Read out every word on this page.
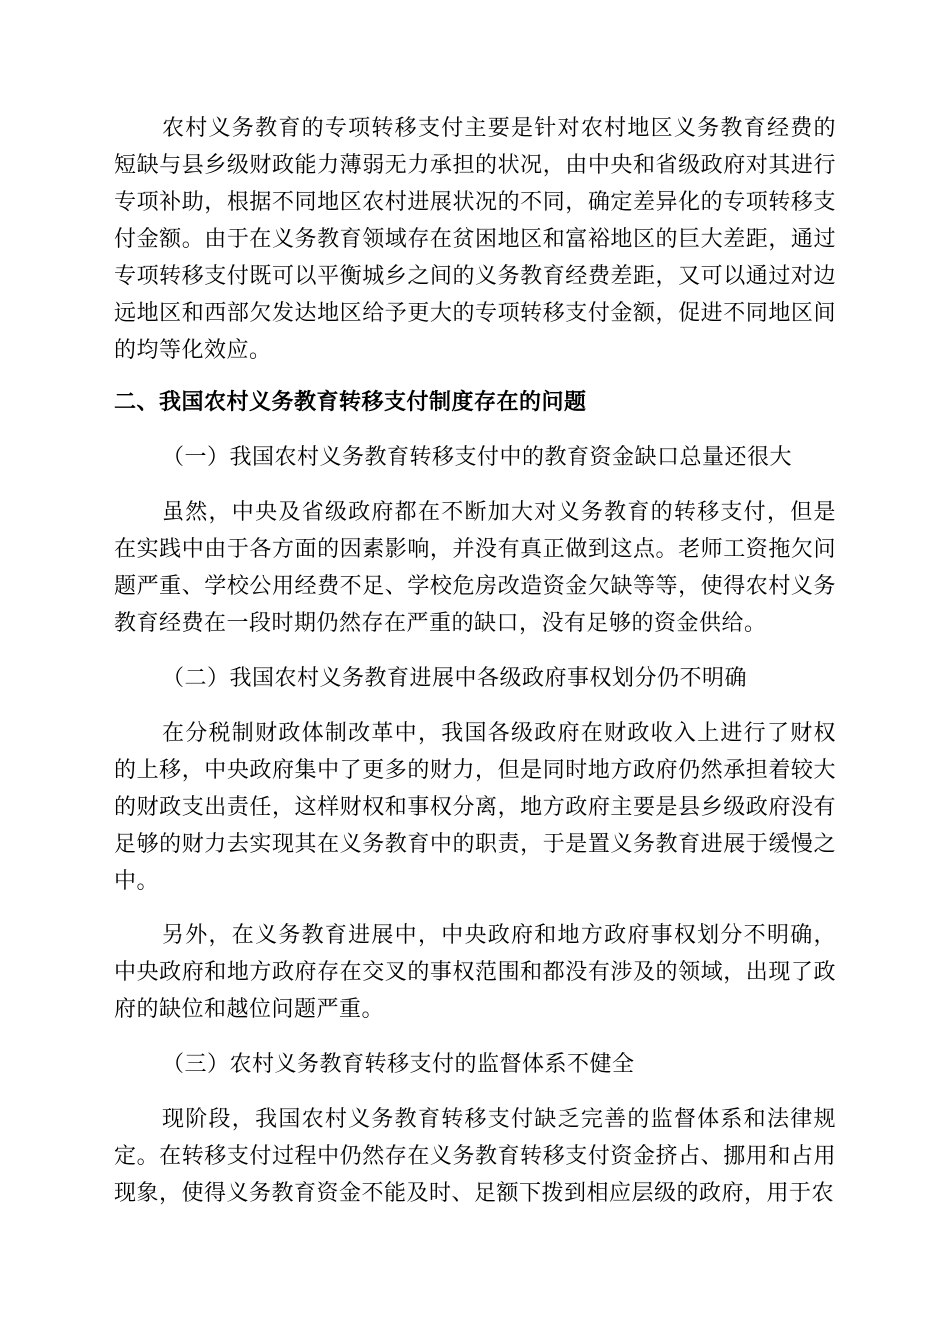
农村义务教育的专项转移支付主要是针对农村地区义务教育经费的短缺与县乡级财政能力薄弱无力承担的状况，由中央和省级政府对其进行专项补助，根据不同地区农村进展状况的不同，确定差异化的专项转移支付金额。由于在义务教育领域存在贫困地区和富裕地区的巨大差距，通过专项转移支付既可以平衡城乡之间的义务教育经费差距，又可以通过对边远地区和西部欠发达地区给予更大的专项转移支付金额，促进不同地区间的均等化效应。

二、我国农村义务教育转移支付制度存在的问题

（一）我国农村义务教育转移支付中的教育资金缺口总量还很大

虽然，中央及省级政府都在不断加大对义务教育的转移支付，但是在实践中由于各方面的因素影响，并没有真正做到这点。老师工资拖欠问题严重、学校公用经费不足、学校危房改造资金欠缺等等，使得农村义务教育经费在一段时期仍然存在严重的缺口，没有足够的资金供给。

（二）我国农村义务教育进展中各级政府事权划分仍不明确

在分税制财政体制改革中，我国各级政府在财政收入上进行了财权的上移，中央政府集中了更多的财力，但是同时地方政府仍然承担着较大的财政支出责任，这样财权和事权分离，地方政府主要是县乡级政府没有足够的财力去实现其在义务教育中的职责，于是置义务教育进展于缓慢之中。

另外，在义务教育进展中，中央政府和地方政府事权划分不明确，中央政府和地方政府存在交叉的事权范围和都没有涉及的领域，出现了政府的缺位和越位问题严重。

（三）农村义务教育转移支付的监督体系不健全

现阶段，我国农村义务教育转移支付缺乏完善的监督体系和法律规定。在转移支付过程中仍然存在义务教育转移支付资金挤占、挪用和占用现象，使得义务教育资金不能及时、足额下拨到相应层级的政府，用于农
